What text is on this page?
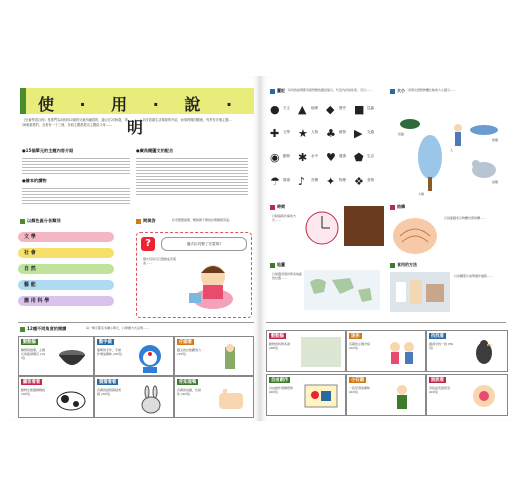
使 · 用 · 說 · 明
《兒童學習百科》是專門為2個到10歲的兒童所編寫的，適合在2到6歲，第26冊重要的，全套有一十三冊，各冊主題都提出主題給父母……
……初步認識生活環境的介紹，而事物間的關係，每頁有多個主題…
●15個單元的主題內容介紹	●廣角鏡圖文的配合
●繪本的讀物
以顏色區分各類別
文 學
社 會
自 然
藝 能
應 用 科 學
問與答	好奇寶寶提問，幫助親子間的好問題與答案。
?	儀式玩具變了充電嗎?
儀式玩具可以置換成充電池……
12種不同角度的閱讀	每一單元都有多種小單元，以專題方式呈現……
動動腦
聯想與推理，主題式的啟發題目 (19頁)
動手做
簡單的手作，手操作增加趣味 (20頁)
仔細看
圖文的比較觀察力 (35頁)
顧客看看
動物生態圖解解說 (36頁)
猜猜看看
有趣的謎語猜謎遊戲 (39頁)
你知道嗎
有趣的常識，告訴你 (42頁)
圖記 每頁的說明都有相對應的圖記提示，代表內容的性質，可以……
● 天文 ▲	地理 ◆	歷史 ■ 昆蟲
✚	文學 ★ 人物 ♣ 植物 ▶	交通
◉ 動物 ✱	水中 ♥ 健康 ⬟ 生活
☂ 環境 ♪	音樂 ✦	物理 ❖ 食物
大小 表現出實際物體比較的大小圖示……
昆蟲
人
大樹
鳥類
魚類
時間
以時鐘與計算的方式……
結構
以剖面圖表示物體內部結構……
地圖
以地圖表現世界各地區的位置……
食用的方法
以步驟照片說明製作過程……
動動腦
動物的特殊本領 (48頁)
迷你
有趣的主題介紹 (52頁)
找找看
圖畫中找一找 (56頁)
自由創作
自由創作發揮想像 (60頁)
小石頭
一起學習的趣味 (62頁)
說說看
用說話表達感受 (64頁)
